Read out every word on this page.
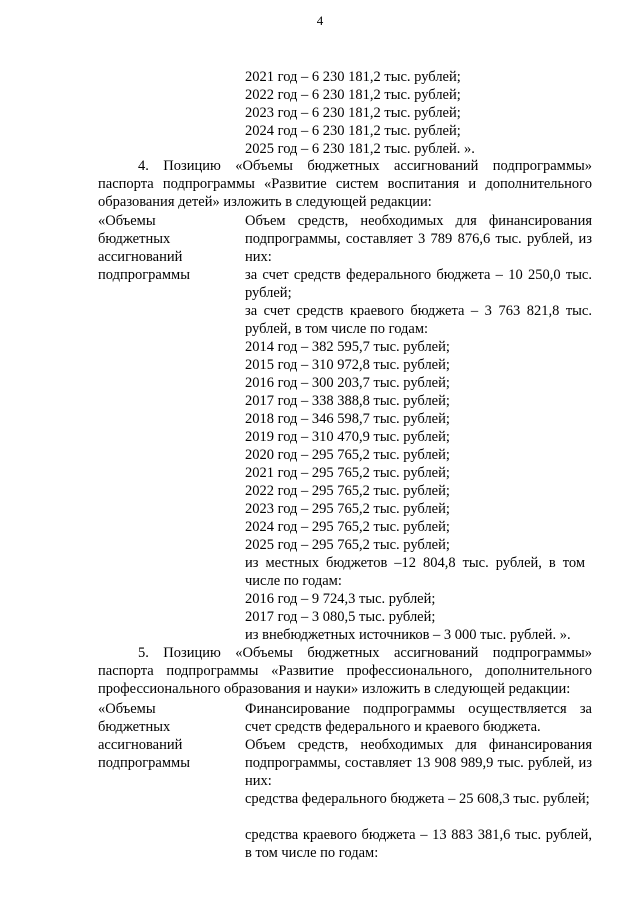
4
2021 год – 6 230 181,2 тыс. рублей;
2022 год – 6 230 181,2 тыс. рублей;
2023 год – 6 230 181,2 тыс. рублей;
2024 год – 6 230 181,2 тыс. рублей;
2025 год – 6 230 181,2 тыс. рублей. ».
4. Позицию «Объемы бюджетных ассигнований подпрограммы» паспорта подпрограммы «Развитие систем воспитания и дополнительного образования детей» изложить в следующей редакции:
«Объемы
бюджетных
ассигнований
подпрограммы
Объем средств, необходимых для финансирования подпрограммы, составляет 3 789 876,6 тыс. рублей, из них:
за счет средств федерального бюджета – 10 250,0 тыс. рублей;
за счет средств краевого бюджета – 3 763 821,8 тыс. рублей, в том числе по годам:
2014 год – 382 595,7 тыс. рублей;
2015 год – 310 972,8 тыс. рублей;
2016 год – 300 203,7 тыс. рублей;
2017 год – 338 388,8 тыс. рублей;
2018 год – 346 598,7 тыс. рублей;
2019 год – 310 470,9 тыс. рублей;
2020 год – 295 765,2 тыс. рублей;
2021 год – 295 765,2 тыс. рублей;
2022 год – 295 765,2 тыс. рублей;
2023 год – 295 765,2 тыс. рублей;
2024 год – 295 765,2 тыс. рублей;
2025 год – 295 765,2 тыс. рублей;
из местных бюджетов –12 804,8 тыс. рублей, в том числе по годам:
2016 год – 9 724,3 тыс. рублей;
2017 год – 3 080,5 тыс. рублей;
из внебюджетных источников – 3 000 тыс. рублей. ».
5. Позицию «Объемы бюджетных ассигнований подпрограммы» паспорта подпрограммы «Развитие профессионального, дополнительного профессионального образования и науки» изложить в следующей редакции:
«Объемы
бюджетных
ассигнований
подпрограммы
Финансирование подпрограммы осуществляется за счет средств федерального и краевого бюджета.
Объем средств, необходимых для финансирования подпрограммы, составляет 13 908 989,9 тыс. рублей, из них:
средства федерального бюджета – 25 608,3 тыс. рублей;
средства краевого бюджета – 13 883 381,6 тыс. рублей, в том числе по годам:
